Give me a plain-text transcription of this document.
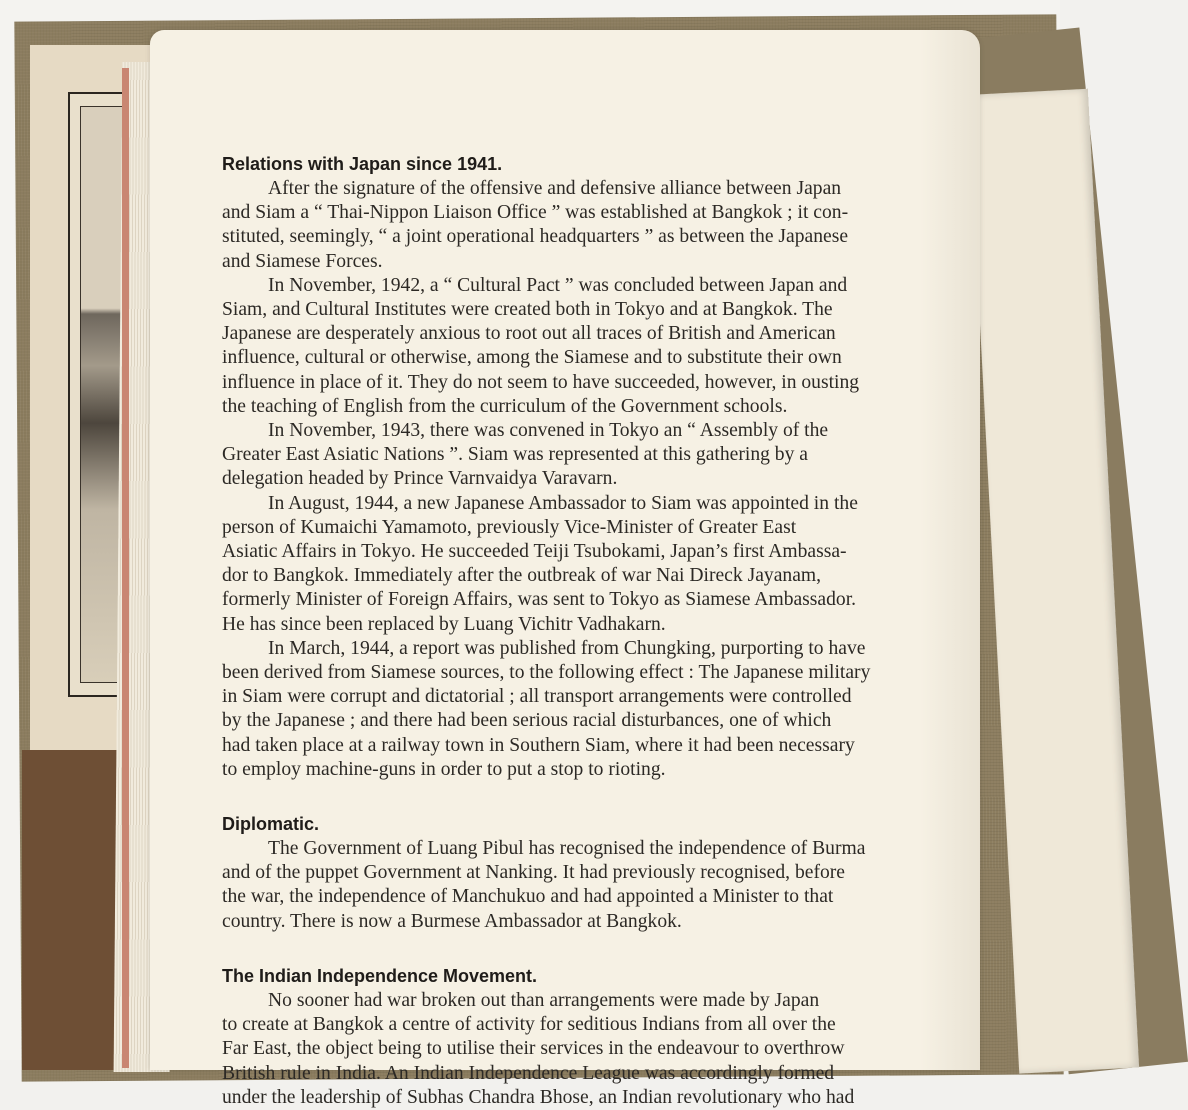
Relations with Japan since 1941.
After the signature of the offensive and defensive alliance between Japan
and Siam a “ Thai-Nippon Liaison Office ” was established at Bangkok ; it con-
stituted, seemingly, “ a joint operational headquarters ” as between the Japanese
and Siamese Forces.
In November, 1942, a “ Cultural Pact ” was concluded between Japan and
Siam, and Cultural Institutes were created both in Tokyo and at Bangkok. The
Japanese are desperately anxious to root out all traces of British and American
influence, cultural or otherwise, among the Siamese and to substitute their own
influence in place of it. They do not seem to have succeeded, however, in ousting
the teaching of English from the curriculum of the Government schools.
In November, 1943, there was convened in Tokyo an “ Assembly of the
Greater East Asiatic Nations ”. Siam was represented at this gathering by a
delegation headed by Prince Varnvaidya Varavarn.
In August, 1944, a new Japanese Ambassador to Siam was appointed in the
person of Kumaichi Yamamoto, previously Vice-Minister of Greater East
Asiatic Affairs in Tokyo. He succeeded Teiji Tsubokami, Japan’s first Ambassa-
dor to Bangkok. Immediately after the outbreak of war Nai Direck Jayanam,
formerly Minister of Foreign Affairs, was sent to Tokyo as Siamese Ambassador.
He has since been replaced by Luang Vichitr Vadhakarn.
In March, 1944, a report was published from Chungking, purporting to have
been derived from Siamese sources, to the following effect : The Japanese military
in Siam were corrupt and dictatorial ; all transport arrangements were controlled
by the Japanese ; and there had been serious racial disturbances, one of which
had taken place at a railway town in Southern Siam, where it had been necessary
to employ machine-guns in order to put a stop to rioting.
Diplomatic.
The Government of Luang Pibul has recognised the independence of Burma
and of the puppet Government at Nanking. It had previously recognised, before
the war, the independence of Manchukuo and had appointed a Minister to that
country. There is now a Burmese Ambassador at Bangkok.
The Indian Independence Movement.
No sooner had war broken out than arrangements were made by Japan
to create at Bangkok a centre of activity for seditious Indians from all over the
Far East, the object being to utilise their services in the endeavour to overthrow
British rule in India. An Indian Independence League was accordingly formed
under the leadership of Subhas Chandra Bhose, an Indian revolutionary who had
